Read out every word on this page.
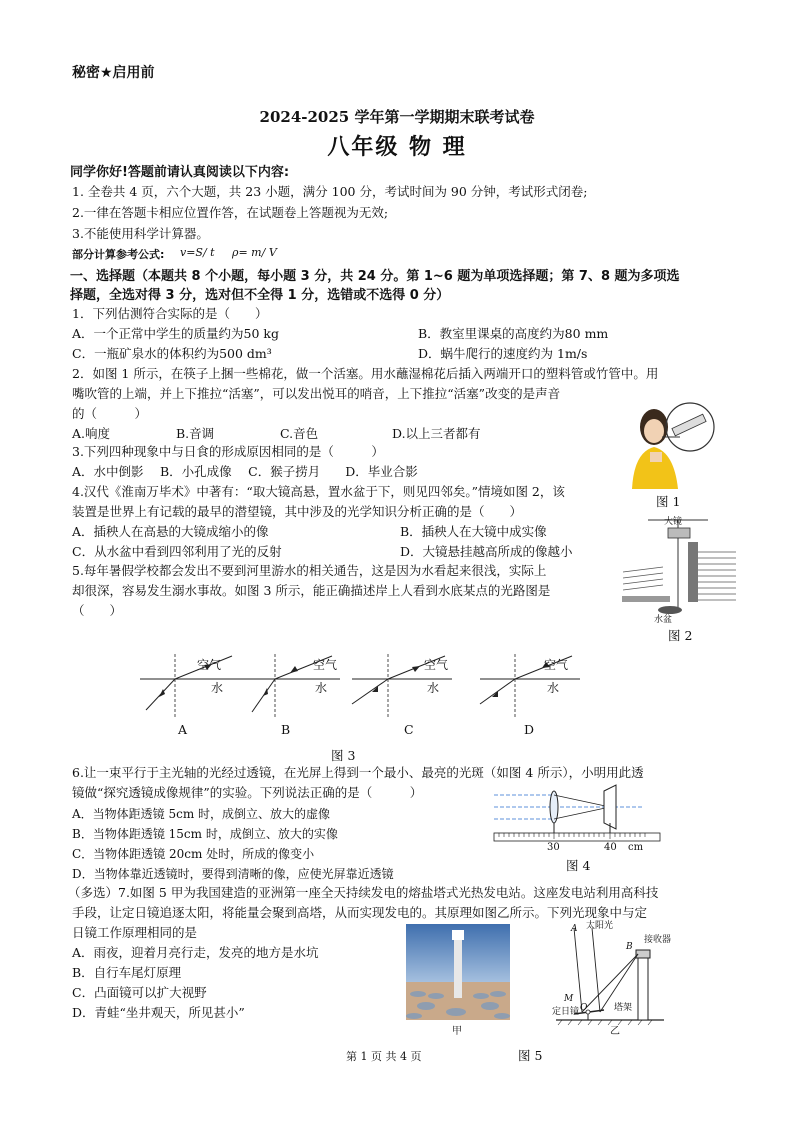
秘密★启用前
2024-2025 学年第一学期期末联考试卷
八年级 物 理
同学你好!答题前请认真阅读以下内容:
1. 全卷共 4 页，六个大题，共 23 小题，满分 100 分，考试时间为 90 分钟，考试形式闭卷;
2.一律在答题卡相应位置作答，在试题卷上答题视为无效;
3.不能使用科学计算器。
部分计算参考公式: v=S/ t ρ= m/ V
一、选择题（本题共 8 个小题，每小题 3 分，共 24 分。第 1~6 题为单项选择题；第 7、8 题为多项选
择题，全选对得 3 分，选对但不全得 1 分，选错或不选得 0 分）
1．下列估测符合实际的是（　　）
A．一个正常中学生的质量约为50 kg	B．教室里课桌的高度约为80 mm
C．一瓶矿泉水的体积约为500 dm³	D．蜗牛爬行的速度约为 1m/s
2．如图 1 所示，在筷子上捆一些棉花，做一个活塞。用水蘸湿棉花后插入两端开口的塑料管或竹管中。用
嘴吹管的上端，并上下推拉“活塞”，可以发出悦耳的哨音，上下推拉“活塞”改变的是声音
的（　　　）
A.响度	B.音调	C.音色	D.以上三者都有
图 1
3.下列四种现象中与日食的形成原因相同的是（　　　）
A．水中倒影　 B．小孔成像　 C．猴子捞月　　D．毕业合影
4.汉代《淮南万毕术》中著有：“取大镜高悬，置水盆于下，则见四邻矣。”情境如图 2，该
装置是世界上有记载的最早的潜望镜，其中涉及的光学知识分析正确的是（　　）
A．插秧人在高悬的大镜成缩小的像	B．插秧人在大镜中成实像
C．从水盆中看到四邻利用了光的反射	D．大镜悬挂越高所成的像越小
大镜
水盆
图 2
5.每年暑假学校都会发出不要到河里游水的相关通告，这是因为水看起来很浅，实际上
却很深，容易发生溺水事故。如图 3 所示，能正确描述岸上人看到水底某点的光路图是
（　　）
空气
水
空气
水
空气
水
空气
水
A	B	C	D
图 3
6.让一束平行于主光轴的光经过透镜，在光屏上得到一个最小、最亮的光斑（如图 4 所示），小明用此透
镜做“探究透镜成像规律”的实验。下列说法正确的是（　　　）
A．当物体距透镜 5cm 时，成倒立、放大的虚像
B．当物体距透镜 15cm 时，成倒立、放大的实像
C．当物体距透镜 20cm 处时，所成的像变小
D．当物体靠近透镜时，要得到清晰的像，应使光屏靠近透镜
30	40 cm
图 4
（多选）7.如图 5 甲为我国建造的亚洲第一座全天持续发电的熔盐塔式光热发电站。这座发电站利用高科技
手段，让定日镜追逐太阳，将能量会聚到高塔，从而实现发电的。其原理如图乙所示。下列光现象中与定
日镜工作原理相同的是
A．雨夜，迎着月亮行走，发亮的地方是水坑
B．自行车尾灯原理
C．凸面镜可以扩大视野
D．青蛙“坐井观天，所见甚小”
甲
A 太阳光
接收器
B
M
O
定日镜	塔架
乙
第 1 页 共 4 页	图 5
